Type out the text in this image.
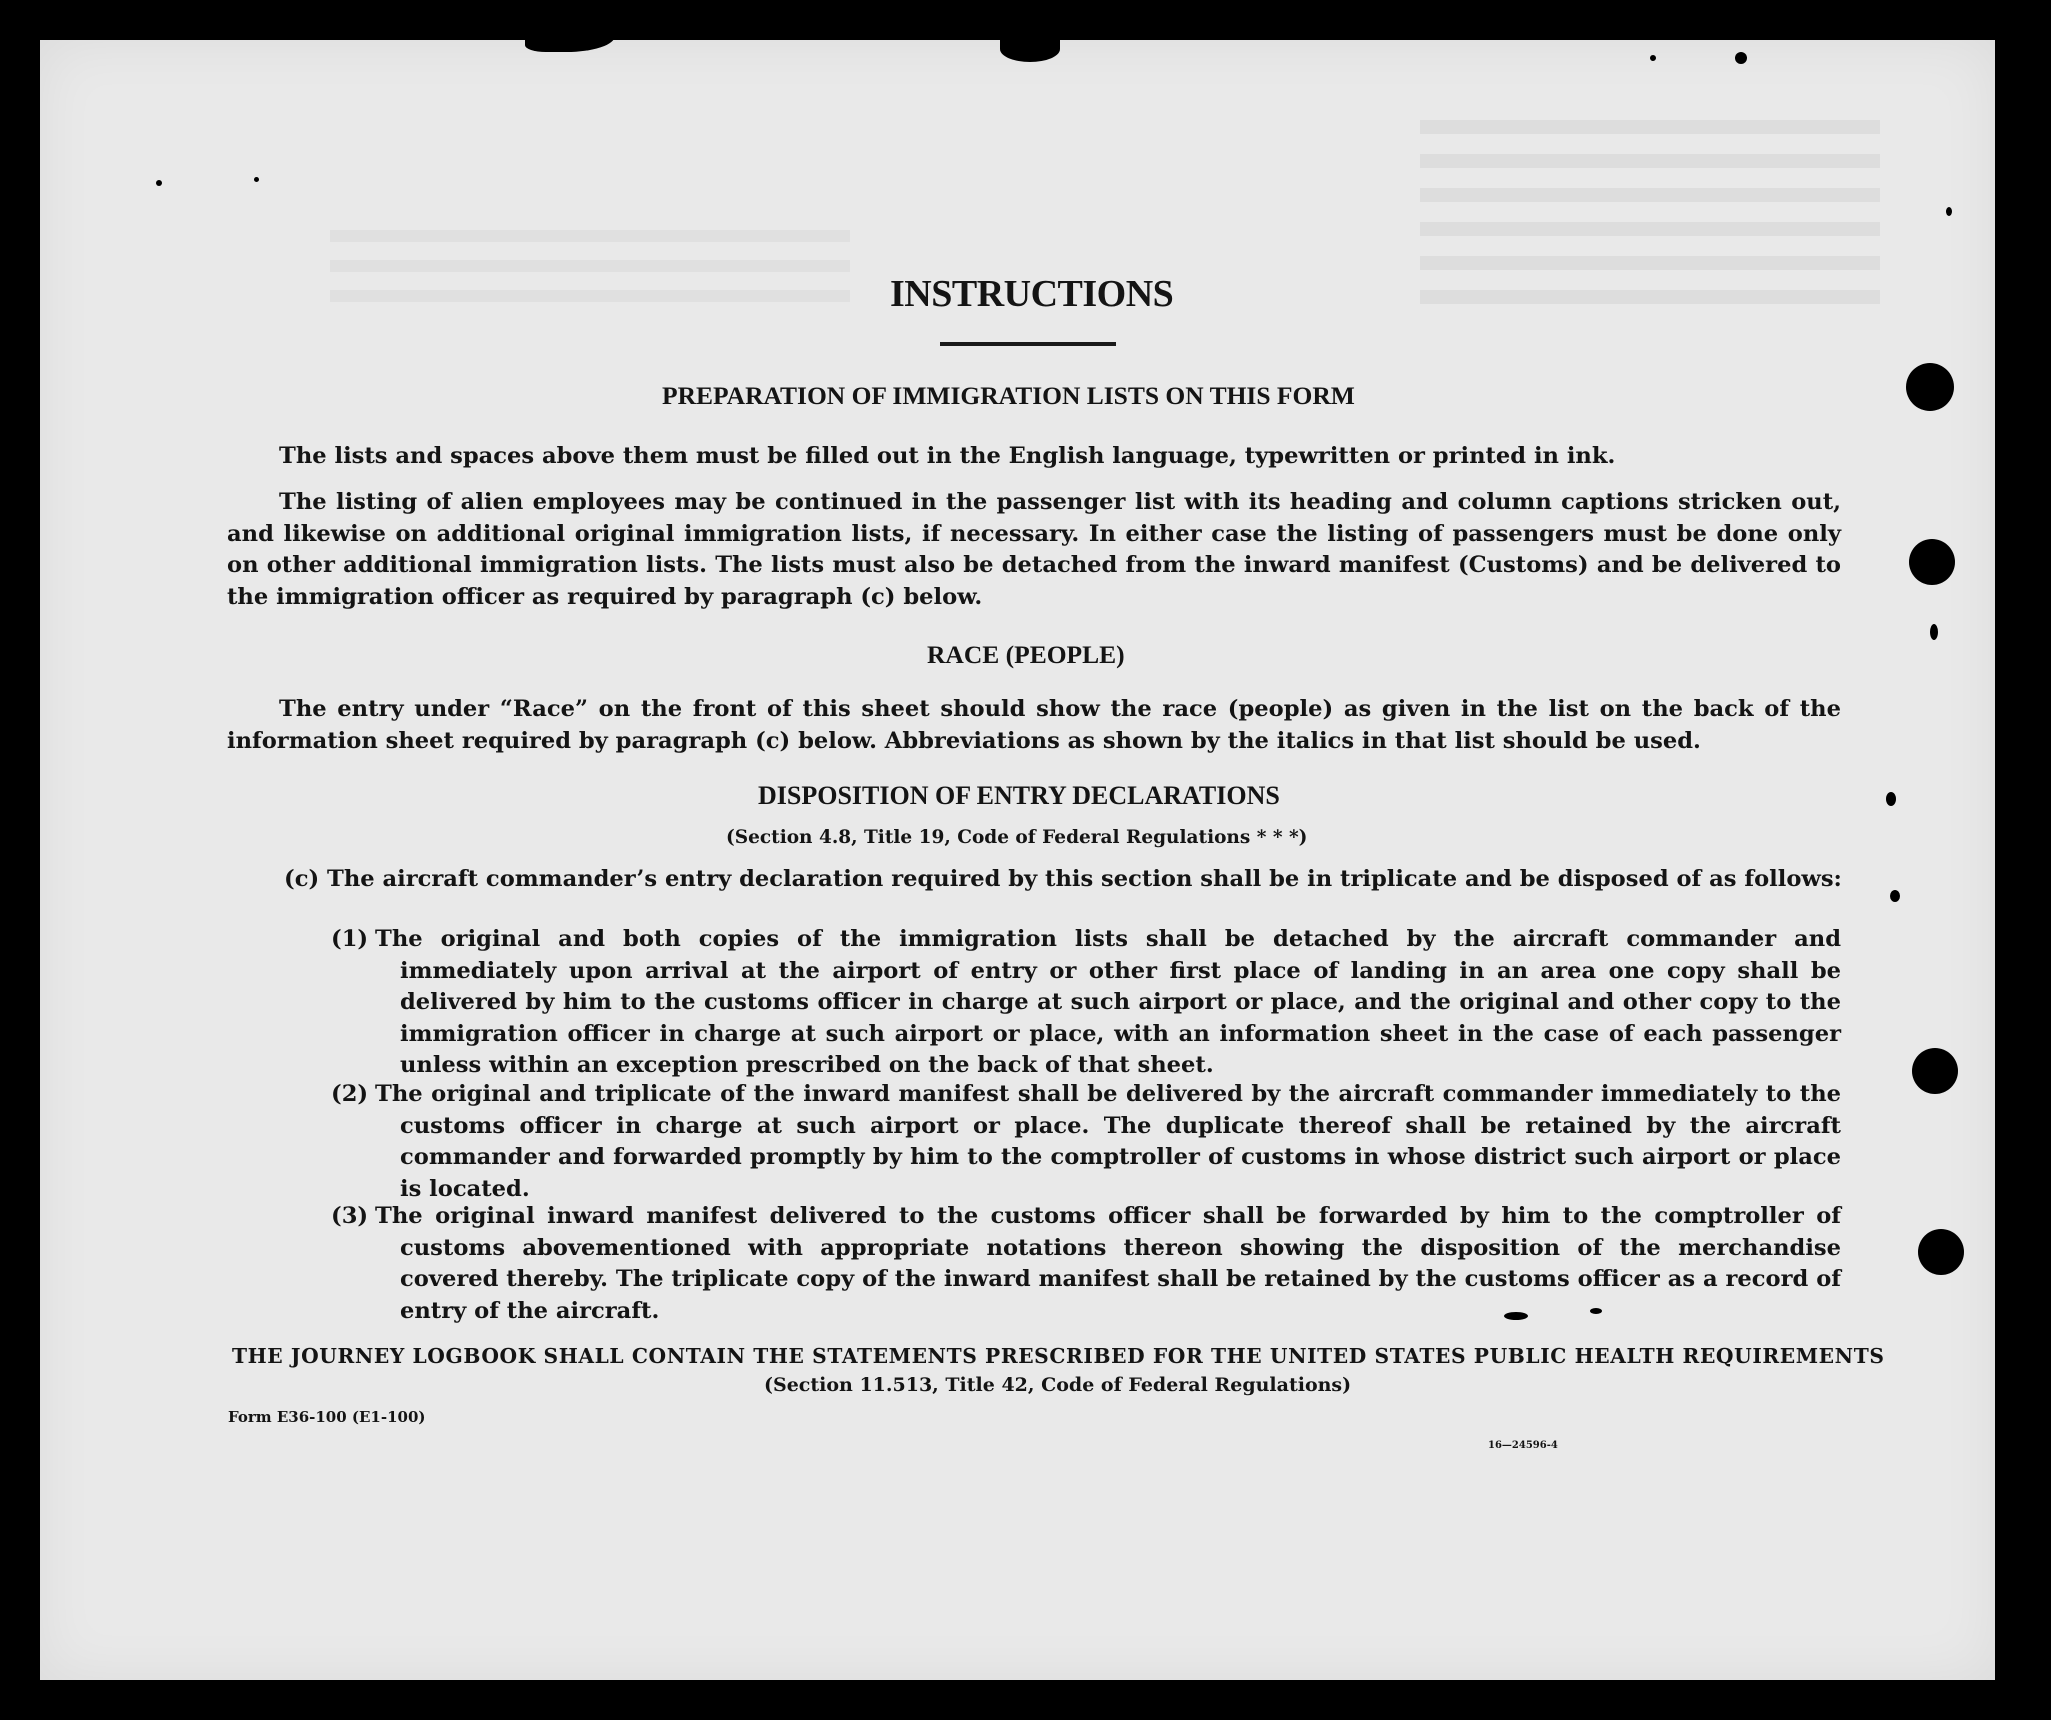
INSTRUCTIONS
PREPARATION OF IMMIGRATION LISTS ON THIS FORM
The lists and spaces above them must be filled out in the English language, typewritten or printed in ink.
The listing of alien employees may be continued in the passenger list with its heading and column captions stricken out, and likewise on additional original immigration lists, if necessary. In either case the listing of passengers must be done only on other additional immigration lists. The lists must also be detached from the inward manifest (Customs) and be delivered to the immigration officer as required by paragraph (c) below.
RACE (PEOPLE)
The entry under “Race” on the front of this sheet should show the race (people) as given in the list on the back of the information sheet required by paragraph (c) below. Abbreviations as shown by the italics in that list should be used.
DISPOSITION OF ENTRY DECLARATIONS
(Section 4.8, Title 19, Code of Federal Regulations * * *)
(c) The aircraft commander’s entry declaration required by this section shall be in triplicate and be disposed of as follows:
(1) The original and both copies of the immigration lists shall be detached by the aircraft commander and immediately upon arrival at the airport of entry or other first place of landing in an area one copy shall be delivered by him to the customs officer in charge at such airport or place, and the original and other copy to the immigration officer in charge at such airport or place, with an information sheet in the case of each passenger unless within an exception prescribed on the back of that sheet.
(2) The original and triplicate of the inward manifest shall be delivered by the aircraft commander immediately to the customs officer in charge at such airport or place. The duplicate thereof shall be retained by the aircraft commander and forwarded promptly by him to the comptroller of customs in whose district such airport or place is located.
(3) The original inward manifest delivered to the customs officer shall be forwarded by him to the comptroller of customs abovementioned with appropriate notations thereon showing the disposition of the merchandise covered thereby. The triplicate copy of the inward manifest shall be retained by the customs officer as a record of entry of the aircraft.
THE JOURNEY LOGBOOK SHALL CONTAIN THE STATEMENTS PRESCRIBED FOR THE UNITED STATES PUBLIC HEALTH REQUIREMENTS
(Section 11.513, Title 42, Code of Federal Regulations)
Form E36-100 (E1-100)
16—24596-4
